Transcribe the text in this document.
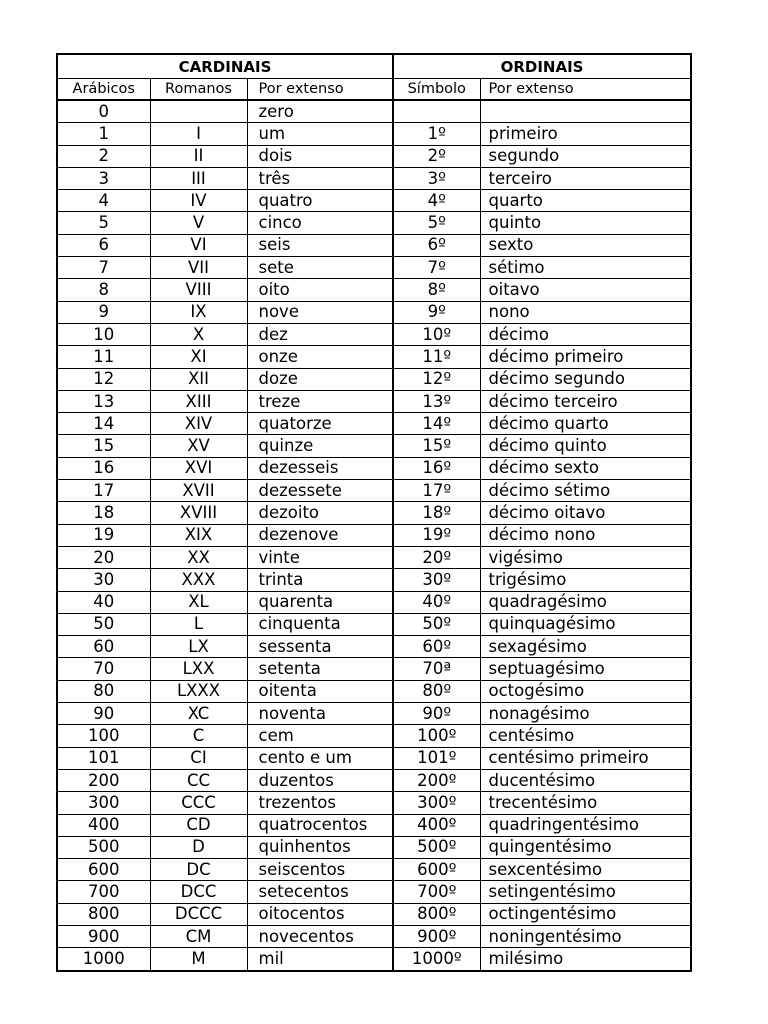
CARDINAIS			ORDINAIS	
Arábicos	Romanos	Por extenso	Símbolo	Por extenso
0		zero		
1	I	um	1º	primeiro
2	II	dois	2º	segundo
3	III	três	3º	terceiro
4	IV	quatro	4º	quarto
5	V	cinco	5º	quinto
6	VI	seis	6º	sexto
7	VII	sete	7º	sétimo
8	VIII	oito	8º	oitavo
9	IX	nove	9º	nono
10	X	dez	10º	décimo
11	XI	onze	11º	décimo primeiro
12	XII	doze	12º	décimo segundo
13	XIII	treze	13º	décimo terceiro
14	XIV	quatorze	14º	décimo quarto
15	XV	quinze	15º	décimo quinto
16	XVI	dezesseis	16º	décimo sexto
17	XVII	dezessete	17º	décimo sétimo
18	XVIII	dezoito	18º	décimo oitavo
19	XIX	dezenove	19º	décimo nono
20	XX	vinte	20º	vigésimo
30	XXX	trinta	30º	trigésimo
40	XL	quarenta	40º	quadragésimo
50	L	cinquenta	50º	quinquagésimo
60	LX	sessenta	60º	sexagésimo
70	LXX	setenta	70ª	septuagésimo
80	LXXX	oitenta	80º	octogésimo
90	XC	noventa	90º	nonagésimo
100	C	cem	100º	centésimo
101	CI	cento e um	101º	centésimo primeiro
200	CC	duzentos	200º	ducentésimo
300	CCC	trezentos	300º	trecentésimo
400	CD	quatrocentos	400º	quadringentésimo
500	D	quinhentos	500º	quingentésimo
600	DC	seiscentos	600º	sexcentésimo
700	DCC	setecentos	700º	setingentésimo
800	DCCC	oitocentos	800º	octingentésimo
900	CM	novecentos	900º	noningentésimo
1000	M	mil	1000º	milésimo
